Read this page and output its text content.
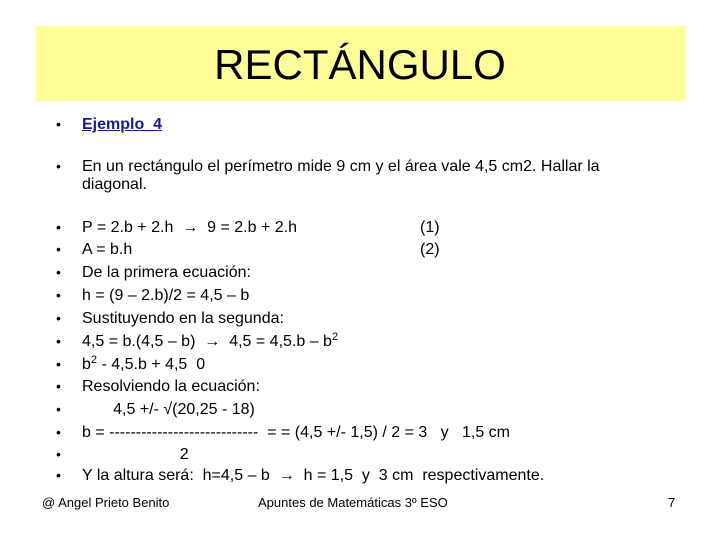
RECTÁNGULO
• Ejemplo_4
• En un rectángulo el perímetro mide 9 cm y el área vale 4,5 cm2. Hallar la
diagonal.
• P = 2.b + 2.h  →  9 = 2.b + 2.h	(1)
• A = b.h	(2)
• De la primera ecuación:
• h = (9 – 2.b)/2 = 4,5 – b
• Sustituyendo en la segunda:
• $4,5 = b.(4,5 - b) \to 4,5 = 4,5.b - b^2$
• $b^2 - 4,5.b + 4,5$  0
• Resolviendo la ecuación:
• 4,5 +/- √(20,25 - 18)
• b = ----------------------------  = = (4,5 +/- 1,5) / 2 = 3   y   1,5 cm
• 2
• Y la altura será:  h=4,5 – b  →  h = 1,5  y  3 cm  respectivamente.
@ Angel Prieto Benito	Apuntes de Matemáticas 3º ESO	7
